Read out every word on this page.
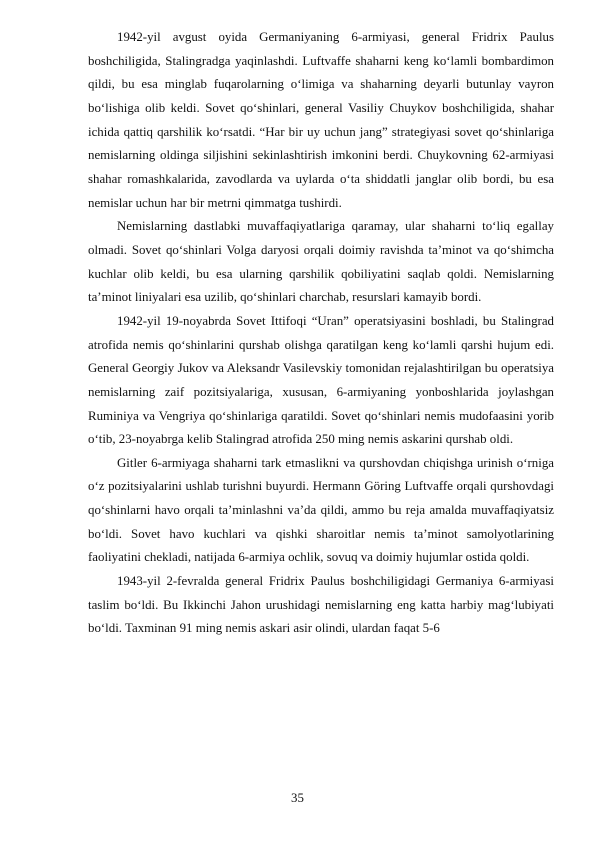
1942-yil avgust oyida Germaniyaning 6-armiyasi, general Fridrix Paulus boshchiligida, Stalingradga yaqinlashdi. Luftvaffe shaharni keng ko‘lamli bombardimon qildi, bu esa minglab fuqarolarning o‘limiga va shaharning deyarli butunlay vayron bo‘lishiga olib keldi. Sovet qo‘shinlari, general Vasiliy Chuykov boshchiligida, shahar ichida qattiq qarshilik ko‘rsatdi. “Har bir uy uchun jang” strategiyasi sovet qo‘shinlariga nemislarning oldinga siljishini sekinlashtirish imkonini berdi. Chuykovning 62-armiyasi shahar romashkalarida, zavodlarda va uylarda o‘ta shiddatli janglar olib bordi, bu esa nemislar uchun har bir metrni qimmatga tushirdi.

Nemislarning dastlabki muvaffaqiyatlariga qaramay, ular shaharni to‘liq egallay olmadi. Sovet qo‘shinlari Volga daryosi orqali doimiy ravishda ta’minot va qo‘shimcha kuchlar olib keldi, bu esa ularning qarshilik qobiliyatini saqlab qoldi. Nemislarning ta’minot liniyalari esa uzilib, qo‘shinlari charchab, resurslari kamayib bordi.

1942-yil 19-noyabrda Sovet Ittifoqi “Uran” operatsiyasini boshladi, bu Stalingrad atrofida nemis qo‘shinlarini qurshab olishga qaratilgan keng ko‘lamli qarshi hujum edi. General Georgiy Jukov va Aleksandr Vasilevskiy tomonidan rejalashtirilgan bu operatsiya nemislarning zaif pozitsiyalariga, xususan, 6-armiyaning yonboshlarida joylashgan Ruminiya va Vengriya qo‘shinlariga qaratildi. Sovet qo‘shinlari nemis mudofaasini yorib o‘tib, 23-noyabrga kelib Stalingrad atrofida 250 ming nemis askarini qurshab oldi.

Gitler 6-armiyaga shaharni tark etmaslikni va qurshovdan chiqishga urinish o‘rniga o‘z pozitsiyalarini ushlab turishni buyurdi. Hermann Göring Luftvaffe orqali qurshovdagi qo‘shinlarni havo orqali ta’minlashni va’da qildi, ammo bu reja amalda muvaffaqiyatsiz bo‘ldi. Sovet havo kuchlari va qishki sharoitlar nemis ta’minot samolyotlarining faoliyatini chekladi, natijada 6-armiya ochlik, sovuq va doimiy hujumlar ostida qoldi.

1943-yil 2-fevralda general Fridrix Paulus boshchiligidagi Germaniya 6-armiyasi taslim bo‘ldi. Bu Ikkinchi Jahon urushidagi nemislarning eng katta harbiy mag‘lubiyati bo‘ldi. Taxminan 91 ming nemis askari asir olindi, ulardan faqat 5-6

35
